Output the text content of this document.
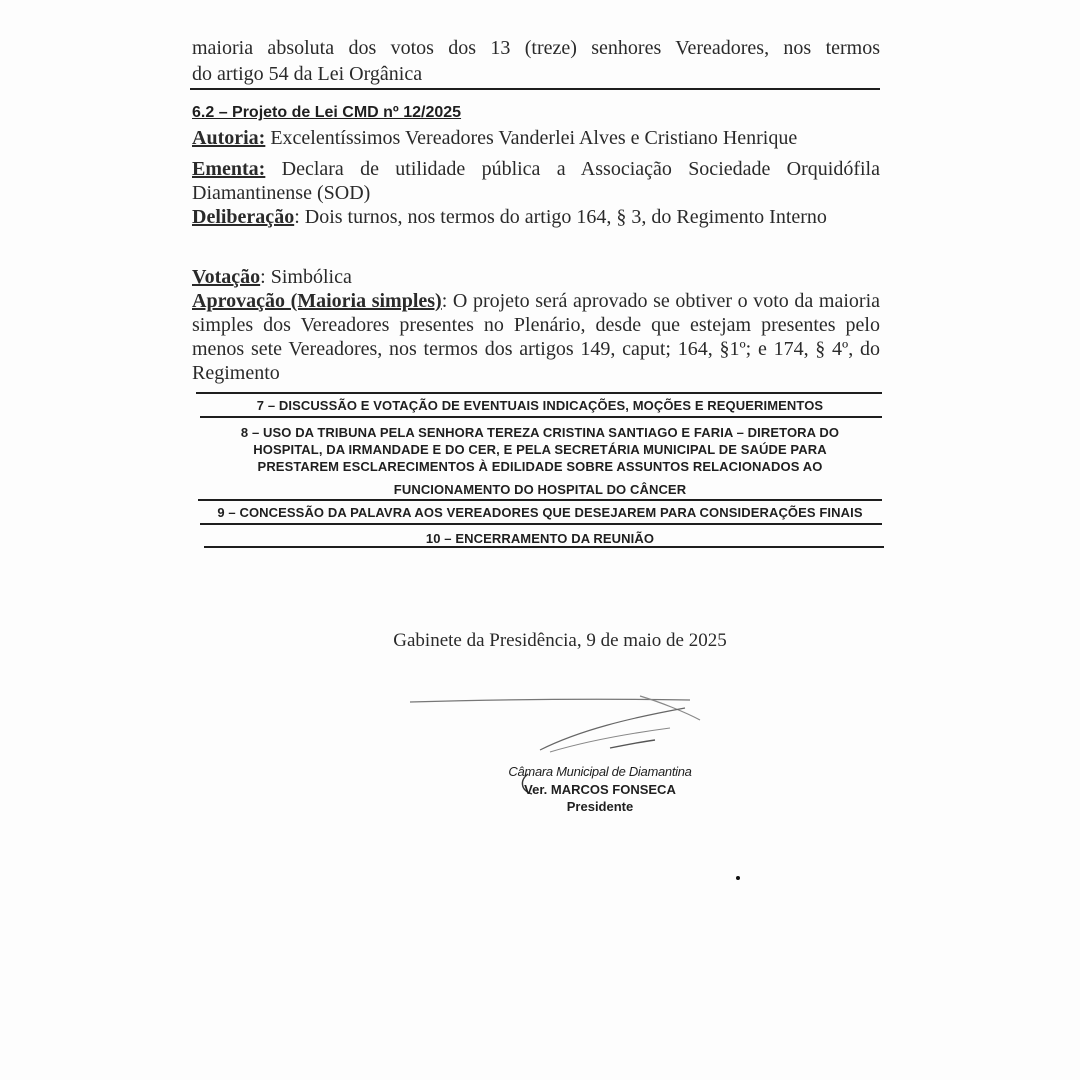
maioria absoluta dos votos dos 13 (treze) senhores Vereadores, nos termos
do artigo 54 da Lei Orgânica
6.2 – Projeto de Lei CMD nº 12/2025
Autoria: Excelentíssimos Vereadores Vanderlei Alves e Cristiano Henrique
Ementa: Declara de utilidade pública a Associação Sociedade Orquidófila Diamantinense (SOD)
Deliberação: Dois turnos, nos termos do artigo 164, § 3, do Regimento Interno
Votação: Simbólica
Aprovação (Maioria simples): O projeto será aprovado se obtiver o voto da maioria simples dos Vereadores presentes no Plenário, desde que estejam presentes pelo menos sete Vereadores, nos termos dos artigos 149, caput; 164, §1º; e 174, § 4º, do Regimento
7 – DISCUSSÃO E VOTAÇÃO DE EVENTUAIS INDICAÇÕES, MOÇÕES E REQUERIMENTOS
8 – USO DA TRIBUNA PELA SENHORA TEREZA CRISTINA SANTIAGO E FARIA – DIRETORA DO
HOSPITAL, DA IRMANDADE E DO CER, E PELA SECRETÁRIA MUNICIPAL DE SAÚDE PARA
PRESTAREM ESCLARECIMENTOS À EDILIDADE SOBRE ASSUNTOS RELACIONADOS AO
FUNCIONAMENTO DO HOSPITAL DO CÂNCER
9 – CONCESSÃO DA PALAVRA AOS VEREADORES QUE DESEJAREM PARA CONSIDERAÇÕES FINAIS
10 – ENCERRAMENTO DA REUNIÃO
Gabinete da Presidência, 9 de maio de 2025
Câmara Municipal de Diamantina
Ver. MARCOS FONSECA
Presidente
